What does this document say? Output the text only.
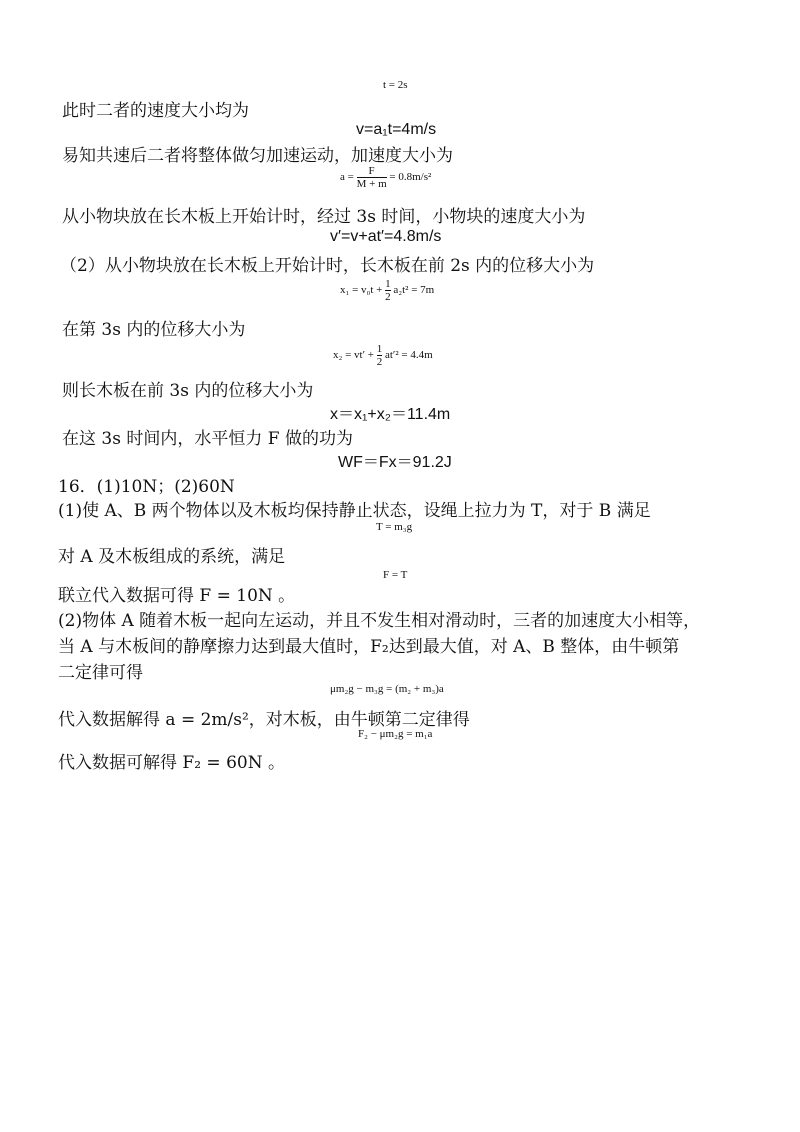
t = 2s
此时二者的速度大小均为
v=a₁t=4m/s
易知共速后二者将整体做匀加速运动，加速度大小为
$a = \frac{F}{M + m} = 0.8m/s^2$
从小物块放在长木板上开始计时，经过 3s 时间，小物块的速度大小为
v′=v+at′=4.8m/s
（2）从小物块放在长木板上开始计时，长木板在前 2s 内的位移大小为
$x_1 = v_0t + \frac{1}{2} a_2t^2 = 7m$
在第 3s 内的位移大小为
$x_2 = vt' + \frac{1}{2} at'^2 = 4.4m$
则长木板在前 3s 内的位移大小为
x＝x₁+x₂＝11.4m
在这 3s 时间内，水平恒力 F 做的功为
WF＝Fx＝91.2J
16．(1)10N；(2)60N
(1)使 A、B 两个物体以及木板均保持静止状态，设绳上拉力为 T，对于 B 满足
T = m₃g
对 A 及木板组成的系统，满足
F = T
联立代入数据可得 F = 10N 。
(2)物体 A 随着木板一起向左运动，并且不发生相对滑动时，三者的加速度大小相等，
当 A 与木板间的静摩擦力达到最大值时，F₂达到最大值，对 A、B 整体，由牛顿第
二定律可得
μm₂g − m₃g = (m₂ + m₃)a
代入数据解得 a = 2m/s²，对木板，由牛顿第二定律得
F₂ − μm₂g = m₁a
代入数据可解得 F₂ = 60N 。
